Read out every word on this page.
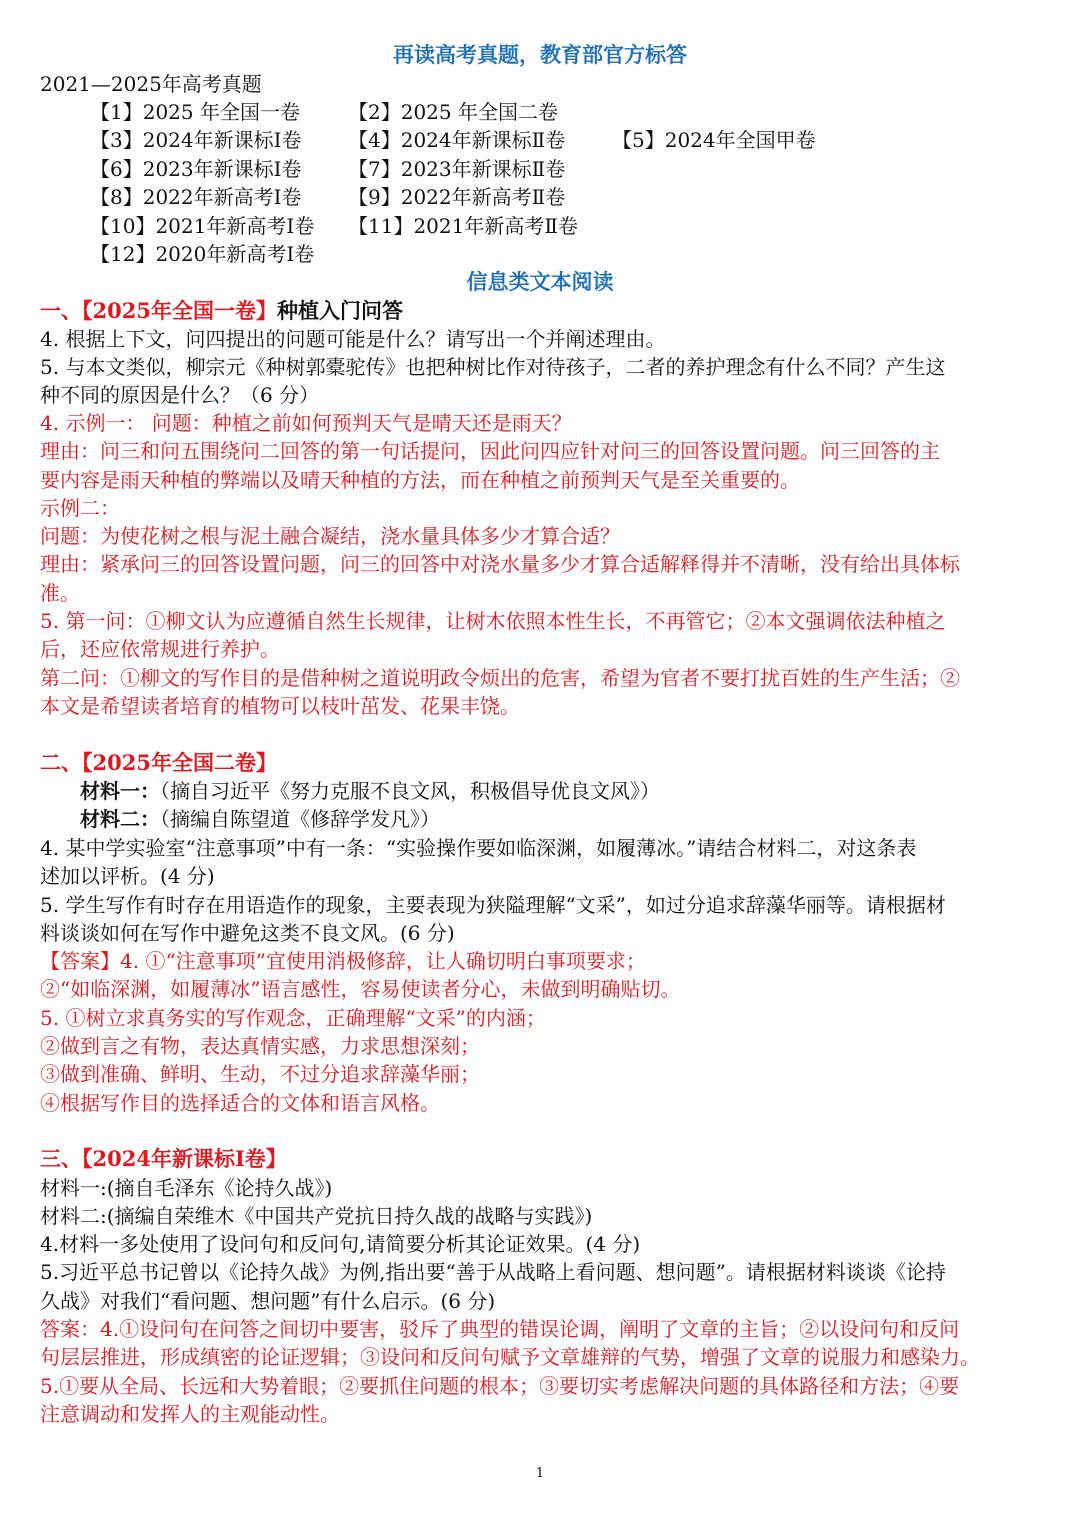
再读高考真题，教育部官方标答
2021—2025年高考真题
【1】2025 年全国一卷 【2】2025 年全国二卷
【3】2024年新课标Ⅰ卷 【4】2024年新课标Ⅱ卷 【5】2024年全国甲卷
【6】2023年新课标Ⅰ卷 【7】2023年新课标Ⅱ卷
【8】2022年新高考Ⅰ卷 【9】2022年新高考Ⅱ卷
【10】2021年新高考Ⅰ卷 【11】2021年新高考Ⅱ卷
【12】2020年新高考Ⅰ卷
信息类文本阅读
一、【2025年全国一卷】种植入门问答
4. 根据上下文，问四提出的问题可能是什么？请写出一个并阐述理由。
5. 与本文类似，柳宗元《种树郭橐驼传》也把种树比作对待孩子，二者的养护理念有什么不同？产生这
种不同的原因是什么？（6 分）
4. 示例一： 问题：种植之前如何预判天气是晴天还是雨天？
理由：问三和问五围绕问二回答的第一句话提问，因此问四应针对问三的回答设置问题。问三回答的主
要内容是雨天种植的弊端以及晴天种植的方法，而在种植之前预判天气是至关重要的。
示例二：
问题：为使花树之根与泥土融合凝结，浇水量具体多少才算合适？
理由：紧承问三的回答设置问题，问三的回答中对浇水量多少才算合适解释得并不清晰，没有给出具体标
准。
5. 第一问：①柳文认为应遵循自然生长规律，让树木依照本性生长，不再管它；②本文强调依法种植之
后，还应依常规进行养护。
第二问：①柳文的写作目的是借种树之道说明政令烦出的危害，希望为官者不要打扰百姓的生产生活；②
本文是希望读者培育的植物可以枝叶茁发、花果丰饶。
二、【2025年全国二卷】
材料一：（摘自习近平《努力克服不良文风，积极倡导优良文风》）
材料二：（摘编自陈望道《修辞学发凡》）
4. 某中学实验室“注意事项”中有一条：“实验操作要如临深渊，如履薄冰。”请结合材料二，对这条表
述加以评析。(4 分)
5. 学生写作有时存在用语造作的现象，主要表现为狭隘理解“文采”，如过分追求辞藻华丽等。请根据材
料谈谈如何在写作中避免这类不良文风。(6 分)
【答案】4. ①“注意事项”宜使用消极修辞，让人确切明白事项要求；
②“如临深渊，如履薄冰”语言感性，容易使读者分心，未做到明确贴切。
5. ①树立求真务实的写作观念，正确理解“文采”的内涵；
②做到言之有物，表达真情实感，力求思想深刻；
③做到准确、鲜明、生动，不过分追求辞藻华丽；
④根据写作目的选择适合的文体和语言风格。
三、【2024年新课标Ⅰ卷】
材料一:(摘自毛泽东《论持久战》)
材料二:(摘编自荣维木《中国共产党抗日持久战的战略与实践》)
4.材料一多处使用了设问句和反问句,请简要分析其论证效果。(4 分)
5.习近平总书记曾以《论持久战》为例,指出要“善于从战略上看问题、想问题”。请根据材料谈谈《论持
久战》对我们“看问题、想问题”有什么启示。(6 分)
答案：4.①设问句在问答之间切中要害，驳斥了典型的错误论调，阐明了文章的主旨；②以设问句和反问
句层层推进，形成缜密的论证逻辑；③设问和反问句赋予文章雄辩的气势，增强了文章的说服力和感染力。
5.①要从全局、长远和大势着眼；②要抓住问题的根本；③要切实考虑解决问题的具体路径和方法；④要
注意调动和发挥人的主观能动性。
1
